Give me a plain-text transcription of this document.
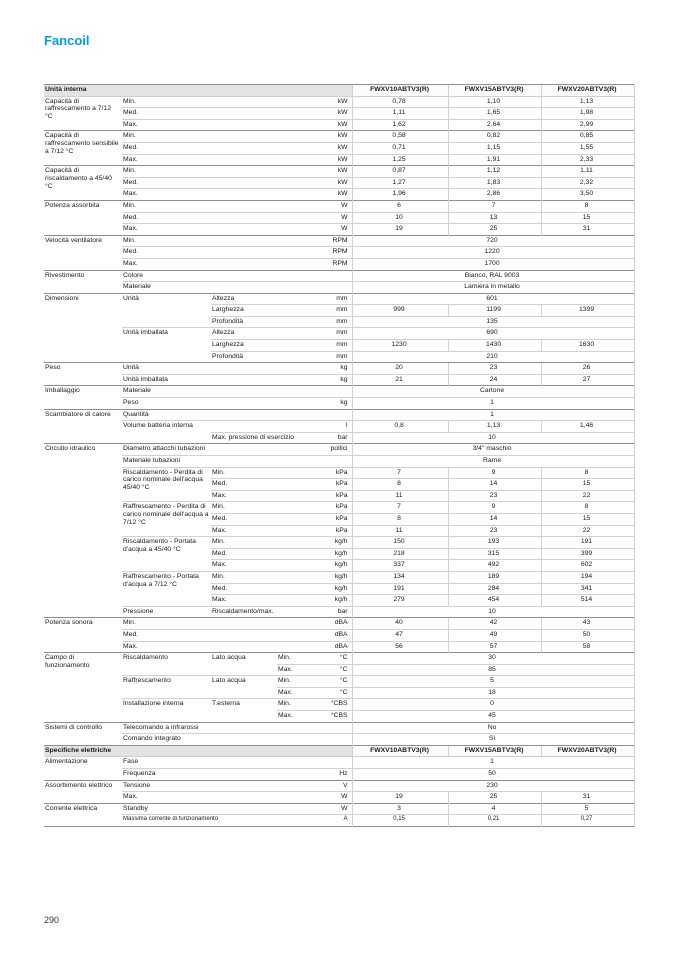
Fancoil
Unità interna					FWXV10ABTV3(R)	FWXV15ABTV3(R)	FWXV20ABTV3(R)

Capacità di raffrescamento a 7/12 °C	Min.			kW	0,78	1,10	1,13

	Med.			kW	1,11	1,65	1,98

	Max.			kW	1,62	2,64	2,99

Capacità di raffrescamento sensibile a 7/12 °C	Min.			kW	0,58	0,82	0,85

	Med.			kW	0,71	1,15	1,55

	Max.			kW	1,25	1,91	2,33

Capacità di riscaldamento a 45/40 °C	Min.			kW	0,87	1,12	1,11

	Med.			kW	1,27	1,83	2,32

	Max.			kW	1,96	2,86	3,50

Potenza assorbita	Min.			W	6	7	8

	Med.			W	10	13	15

	Max.			W	19	25	31

Velocità ventilatore	Min.			RPM	720		

	Med.			RPM	1220		

	Max.			RPM	1700		

Rivestimento	Colore				Bianco, RAL 9003		

	Materiale				Lamiera in metallo		

Dimensioni	Unità	Altezza		mm	601		

		Larghezza		mm	999	1199	1399

		Profondità		mm	135		

	Unità imballata	Altezza		mm	690		

		Larghezza		mm	1230	1430	1630

		Profondità		mm	210		

Peso	Unità			kg	20	23	26

	Unità imballata			kg	21	24	27

Imballaggio	Materiale				Cartone		

	Peso			kg	1		

Scambiatore di calore	Quantità				1		

	Volume batteria interna			l	0,8	1,13	1,46

		Max. pressione di esercizio		bar	10		

Circuito idraulico	Diametro attacchi tubazioni			pollici	3/4" maschio		

	Materiale tubazioni				Rame		

	Riscaldamento - Perdita di carico nominale dell'acqua 45/40 °C	Min.		kPa	7	9	8

		Med.		kPa	8	14	15

		Max.		kPa	11	23	22

	Raffrescamento - Perdita di carico nominale dell'acqua a 7/12 °C	Min.		kPa	7	9	8

		Med.		kPa	8	14	15

		Max.		kPa	11	23	22

	Riscaldamento - Portata d'acqua a 45/40 °C	Min.		kg/h	150	193	191

		Med.		kg/h	218	315	399

		Max.		kg/h	337	492	602

	Raffrescamento - Portata d'acqua a 7/12 °C	Min.		kg/h	134	189	194

		Med.		kg/h	191	284	341

		Max.		kg/h	279	454	514

	Pressione	Riscaldamento/max.		bar	10		

Potenza sonora	Min.			dBA	40	42	43

	Med.			dBA	47	49	50

	Max.			dBA	56	57	58

Campo di funzionamento	Riscaldamento	Lato acqua	Min.	°C	30		

			Max.	°C	85		

	Raffrescamento	Lato acqua	Min.	°C	5		

			Max.	°C	18		

	Installazione interna	T.esterna	Min.	°CBS	0		

			Max.	°CBS	45		

Sistemi di controllo	Telecomando a infrarossi				No		

	Comando integrato				Sì		
Specifiche elettriche					FWXV10ABTV3(R)	FWXV15ABTV3(R)	FWXV20ABTV3(R)

Alimentazione	Fase				1		

	Frequenza			Hz	50		

Assorbimento elettrico	Tensione			V	230		

	Max.			W	19	25	31

Corrente elettrica	Standby			W	3	4	5

	Massima corrente di funzionamento			A	0,15	0,21	0,27
290
